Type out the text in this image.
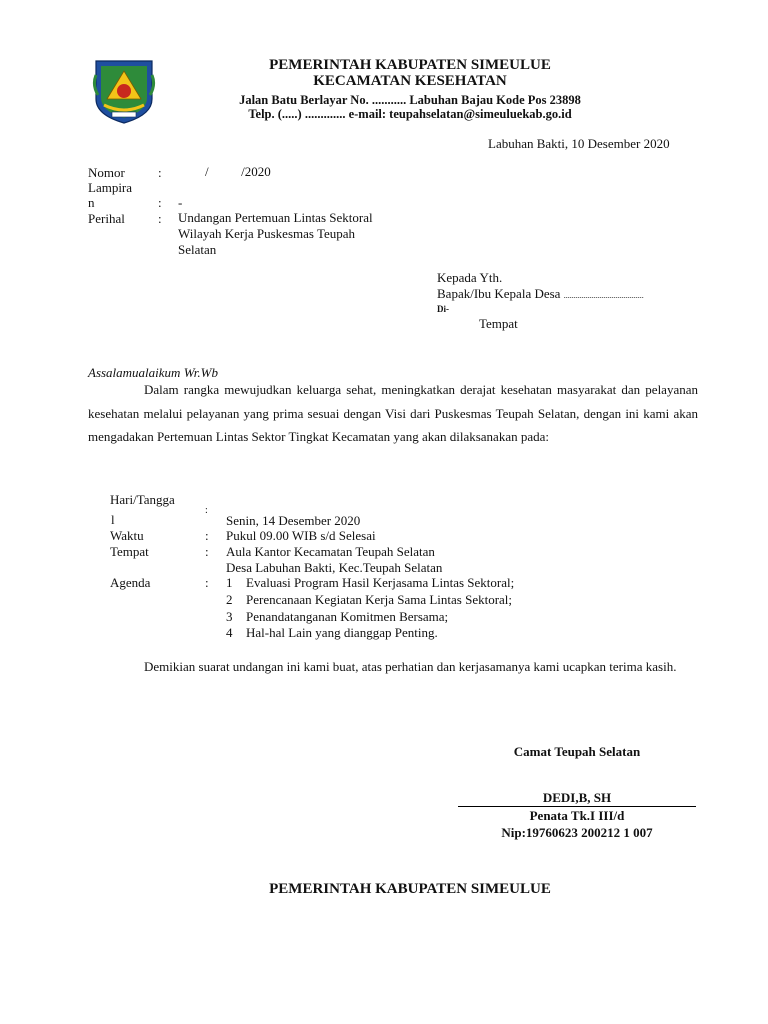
PEMERINTAH KABUPATEN SIMEULUE
KECAMATAN KESEHATAN
Jalan Batu Berlayar No. ........... Labuhan Bajau Kode Pos 23898
Telp. (.....) ............. e-mail: teupahselatan@simeuluekab.go.id
Labuhan Bakti, 10 Desember 2020
Nomor	:	/          /2020
Lampira
n	: -
Perihal	: Undangan Pertemuan Lintas Sektoral
Wilayah Kerja Puskesmas Teupah
Selatan
Kepada Yth.
Bapak/Ibu Kepala Desa ........................................
Di-
Tempat
Assalamualaikum Wr.Wb
Dalam rangka mewujudkan keluarga sehat, meningkatkan derajat kesehatan masyarakat dan pelayanan kesehatan melalui pelayanan yang prima sesuai dengan Visi dari Puskesmas Teupah Selatan, dengan ini kami akan mengadakan Pertemuan Lintas Sektor Tingkat Kecamatan yang akan dilaksanakan pada:
Hari/Tangga
:
l	Senin, 14 Desember 2020
Waktu	: Pukul 09.00 WIB s/d Selesai
Tempat	: Aula Kantor Kecamatan Teupah Selatan
Desa Labuhan Bakti, Kec.Teupah Selatan
Agenda	: 1 Evaluasi Program Hasil Kerjasama Lintas Sektoral;
2 Perencanaan Kegiatan Kerja Sama Lintas Sektoral;
3 Penandatanganan Komitmen Bersama;
4 Hal-hal Lain yang dianggap Penting.
Demikian suarat undangan ini kami buat, atas perhatian dan kerjasamanya kami ucapkan terima kasih.
Camat Teupah Selatan
DEDI,B, SH
Penata Tk.I III/d
Nip:19760623 200212 1 007
PEMERINTAH KABUPATEN SIMEULUE
